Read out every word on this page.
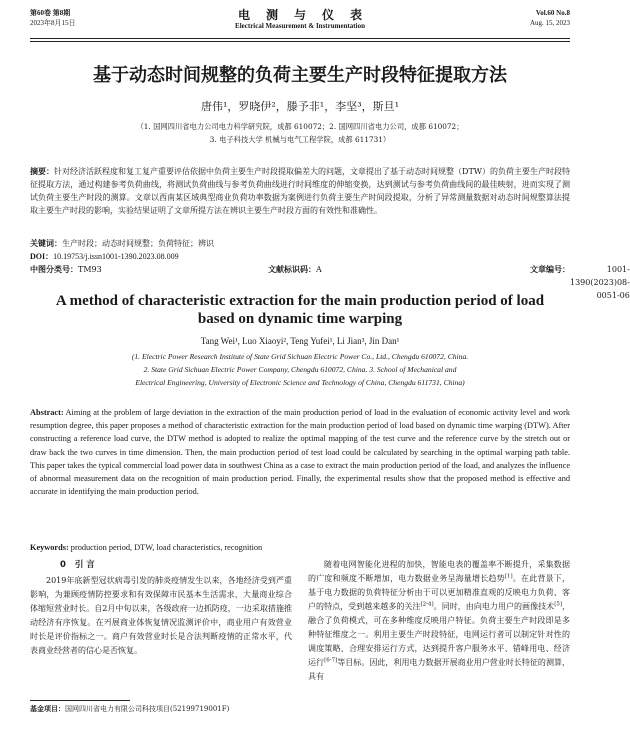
第60卷 第8期
2023年8月15日
电测与仪表
Electrical Measurement & Instrumentation
Vol.60 No.8
Aug. 15, 2023
基于动态时间规整的负荷主要生产时段特征提取方法
唐伟¹，罗晓伊²，滕予非¹，李坚³，斯旦¹
（1. 国网四川省电力公司电力科学研究院，成都 610072；2. 国网四川省电力公司，成都 610072；
3. 电子科技大学 机械与电气工程学院，成都 611731）
摘要：针对经济活跃程度和复工复产重要评估依据中负荷主要生产时段提取偏差大的问题，文章提出了基于动态时间规整（DTW）的负荷主要生产时段特征提取方法，通过构建参考负荷曲线，将测试负荷曲线与参考负荷曲线进行时间维度的伸缩变换，达到测试与参考负荷曲线间的最佳映射，进而实现了测试负荷主要生产时段的测算。文章以西南某区域典型商业负荷功率数据为案例进行负荷主要生产时间段提取，分析了异常测量数据对动态时间规整算法提取主要生产时段的影响，实验结果证明了文章所提方法在辨识主要生产时段方面的有效性和准确性。
关键词：生产时段；动态时间规整；负荷特征；辨识
DOI：10.19753/j.issn1001-1390.2023.08.009
中图分类号： TM93	文献标识码： A	文章编号：	1001-1390(2023)08-0051-06
A method of characteristic extraction for the main production period of load based on dynamic time warping
Tang Wei¹, Luo Xiaoyi², Teng Yufei¹, Li Jian³, Jin Dan¹
(1. Electric Power Research Institute of State Grid Sichuan Electric Power Co., Ltd., Chengdu 610072, China.
2. State Grid Sichuan Electric Power Company, Chengdu 610072, China. 3. School of Mechanical and
Electrical Engineering, University of Electronic Science and Technology of China, Chengdu 611731, China)
Abstract: Aiming at the problem of large deviation in the extraction of the main production period of load in the evaluation of economic activity level and work resumption degree, this paper proposes a method of characteristic extraction for the main production period of load based on dynamic time warping (DTW). After constructing a reference load curve, the DTW method is adopted to realize the optimal mapping of the test curve and the reference curve by the stretch out or draw back the two curves in time dimension. Then, the main production period of test load could be calculated by searching in the optimal warping path table. This paper takes the typical commercial load power data in southwest China as a case to extract the main production period of the load, and analyzes the influence of abnormal measurement data on the recognition of main production period. Finally, the experimental results show that the proposed method is effective and accurate in identifying the main production period.
Keywords: production period, DTW, load characteristics, recognition
0 引 言

2019年底新型冠状病毒引发的肺炎疫情发生以来，各地经济受到严重影响，为兼顾疫情防控要求和有效保障市民基本生活需求，大量商业综合体缩短营业时长。自2月中旬以来，各级政府一边抓防疫，一边采取措施推动经济有序恢复。在커展商业体恢复情况监测评价中，商业用户有效营业时长是评价指标之一。商户有效营业时长是合法判断疫情的正常水平，代表商业经营者的信心是否恢复。

随着电网智能化进程的加快，智能电表的覆盖率不断提升，采集数据的广度和频度不断增加，电力数据业务呈海量增长趋势[1]。在此背景下，基于电力数据的负荷特征分析由于可以更加精准直观的反映电力负荷、客户的特点，受到越来越多的关注[2-4]。同时，由向电力用户的画像技术[5]，融合了负荷模式，可在多种维度反映用户特征。负荷主要生产时段即是多种特征维度之一。利用主要生产时段特征，电网运行者可以制定针对性的调度策略、合理安排运行方式，达到提升客户服务水平、错峰用电、经济运行[6-7]等目标。因此，利用电力数据开展商业用户营业时长特征的测算，具有

基金项目：国网四川省电力有限公司科技项目(52199719001F)
